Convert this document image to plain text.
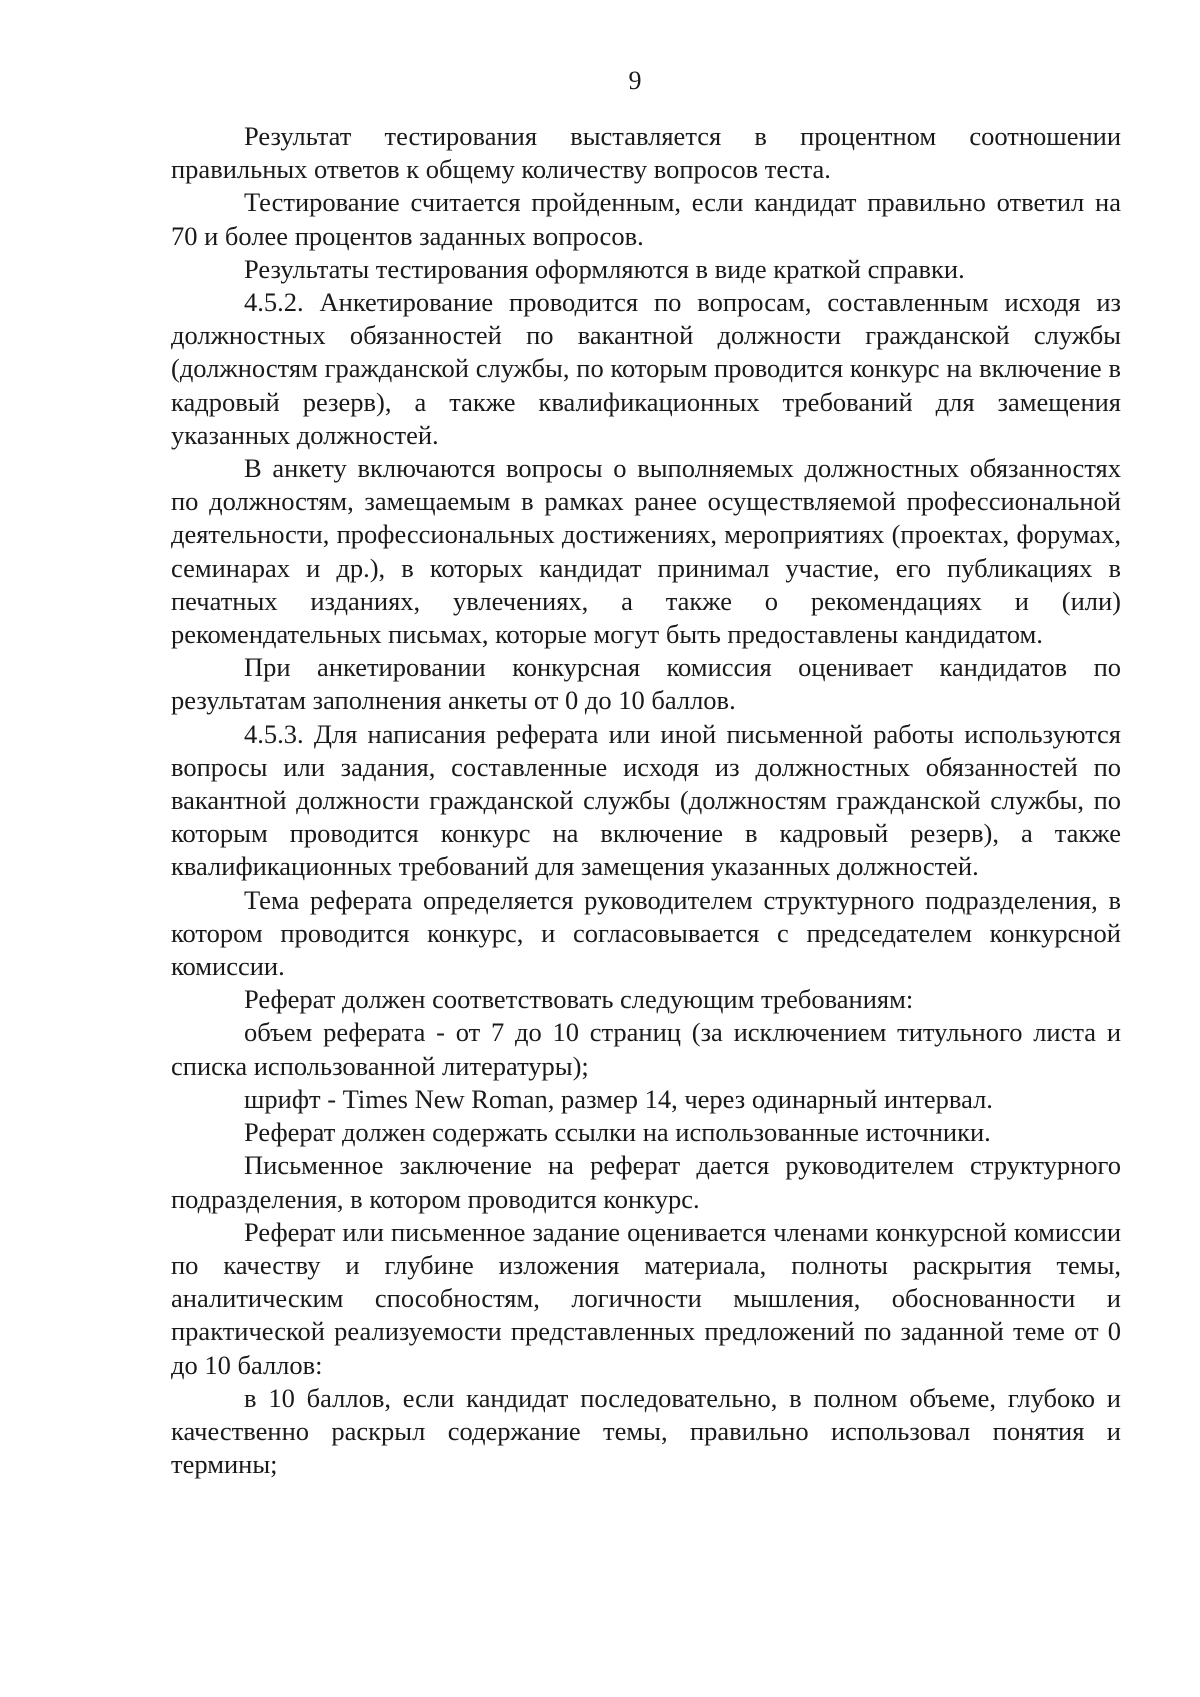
9

Результат тестирования выставляется в процентном соотношении правильных ответов к общему количеству вопросов теста.

Тестирование считается пройденным, если кандидат правильно ответил на 70 и более процентов заданных вопросов.

Результаты тестирования оформляются в виде краткой справки.

4.5.2. Анкетирование проводится по вопросам, составленным исходя из должностных обязанностей по вакантной должности гражданской службы (должностям гражданской службы, по которым проводится конкурс на включение в кадровый резерв), а также квалификационных требований для замещения указанных должностей.

В анкету включаются вопросы о выполняемых должностных обязанностях по должностям, замещаемым в рамках ранее осуществляемой профессиональной деятельности, профессиональных достижениях, мероприятиях (проектах, форумах, семинарах и др.), в которых кандидат принимал участие, его публикациях в печатных изданиях, увлечениях, а также о рекомендациях и (или) рекомендательных письмах, которые могут быть предоставлены кандидатом.

При анкетировании конкурсная комиссия оценивает кандидатов по результатам заполнения анкеты от 0 до 10 баллов.

4.5.3. Для написания реферата или иной письменной работы используются вопросы или задания, составленные исходя из должностных обязанностей по вакантной должности гражданской службы (должностям гражданской службы, по которым проводится конкурс на включение в кадровый резерв), а также квалификационных требований для замещения указанных должностей.

Тема реферата определяется руководителем структурного подразделения, в котором проводится конкурс, и согласовывается с председателем конкурсной комиссии.

Реферат должен соответствовать следующим требованиям:

объем реферата - от 7 до 10 страниц (за исключением титульного листа и списка использованной литературы);

шрифт - Times New Roman, размер 14, через одинарный интервал.

Реферат должен содержать ссылки на использованные источники.

Письменное заключение на реферат дается руководителем структурного подразделения, в котором проводится конкурс.

Реферат или письменное задание оценивается членами конкурсной комиссии по качеству и глубине изложения материала, полноты раскрытия темы, аналитическим способностям, логичности мышления, обоснованности и практической реализуемости представленных предложений по заданной теме от 0 до 10 баллов:

в 10 баллов, если кандидат последовательно, в полном объеме, глубоко и качественно раскрыл содержание темы, правильно использовал понятия и термины;
